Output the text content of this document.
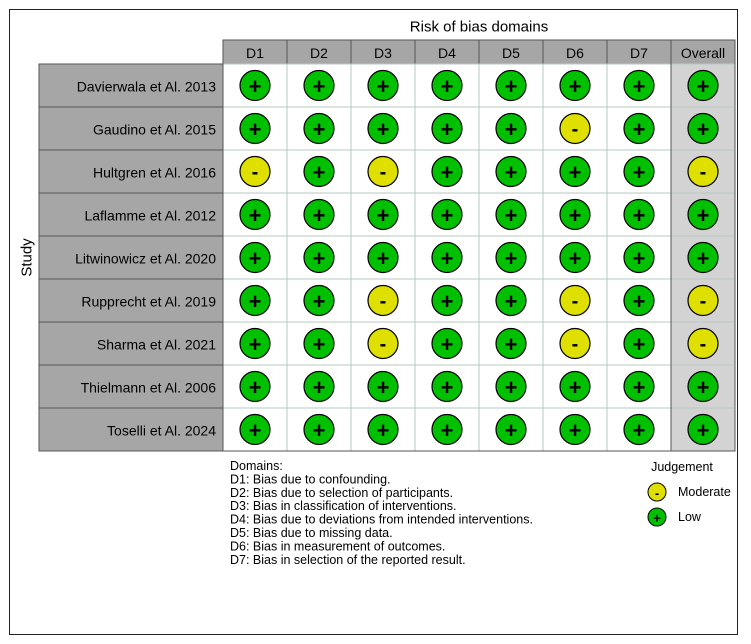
Risk of bias domains
D1	D2	D3	D4	D5	D6	D7 Overall
Study
Davierwala et Al. 2013 + + + + + + + +
Gaudino et Al. 2015 + + + + +	- + +
Hultgren et Al. 2016 - +	- + + + +	-
Laflamme et Al. 2012 + + + + + + + +
Litwinowicz et Al. 2020 + + + + + + + +
Rupprecht et Al. 2019 + +	- + +	- +	-
Sharma et Al. 2021 + +	- + +	- +	-
Thielmann et Al. 2006 + + + + + + + +
Toselli et Al. 2024 + + + + + + + +
Domains:
D1: Bias due to confounding.
D2: Bias due to selection of participants.
D3: Bias in classification of interventions.
D4: Bias due to deviations from intended interventions.
D5: Bias due to missing data.
D6: Bias in measurement of outcomes.
D7: Bias in selection of the reported result.
Judgement
- Moderate
+ Low
